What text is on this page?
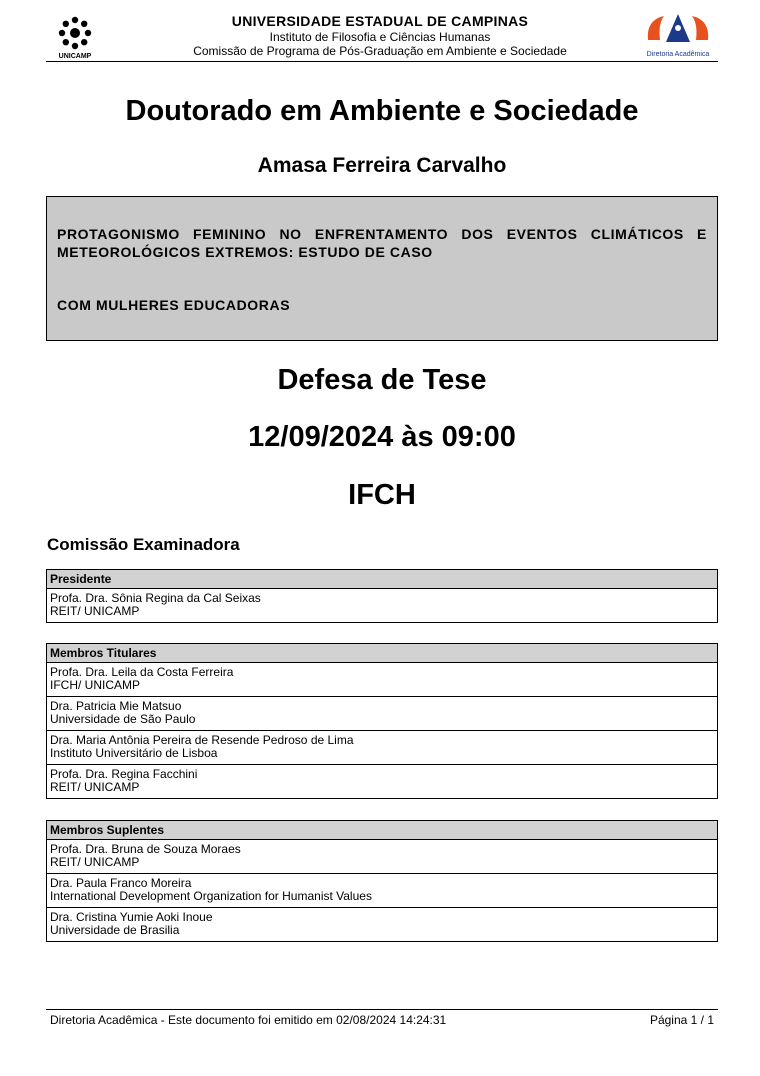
UNICAMP
UNIVERSIDADE ESTADUAL DE CAMPINAS
Instituto de Filosofia e Ciências Humanas
Comissão de Programa de Pós-Graduação em Ambiente e Sociedade	Diretoria Acadêmica
Doutorado em Ambiente e Sociedade
Amasa Ferreira Carvalho
PROTAGONISMO FEMININO NO ENFRENTAMENTO DOS EVENTOS CLIMÁTICOS E
METEOROLÓGICOS EXTREMOS: ESTUDO DE CASO
COM MULHERES EDUCADORAS
Defesa de Tese
12/09/2024 às 09:00
IFCH
Comissão Examinadora
Presidente

Profa. Dra. Sônia Regina da Cal Seixas
REIT/ UNICAMP
Membros Titulares

Profa. Dra. Leila da Costa Ferreira
IFCH/ UNICAMP

Dra. Patricia Mie Matsuo
Universidade de São Paulo

Dra. Maria Antônia Pereira de Resende Pedroso de Lima
Instituto Universitário de Lisboa

Profa. Dra. Regina Facchini
REIT/ UNICAMP
Membros Suplentes

Profa. Dra. Bruna de Souza Moraes
REIT/ UNICAMP

Dra. Paula Franco Moreira
International Development Organization for Humanist Values

Dra. Cristina Yumie Aoki Inoue
Universidade de Brasilia
Diretoria Acadêmica - Este documento foi emitido em 02/08/2024 14:24:31	Página 1 / 1
